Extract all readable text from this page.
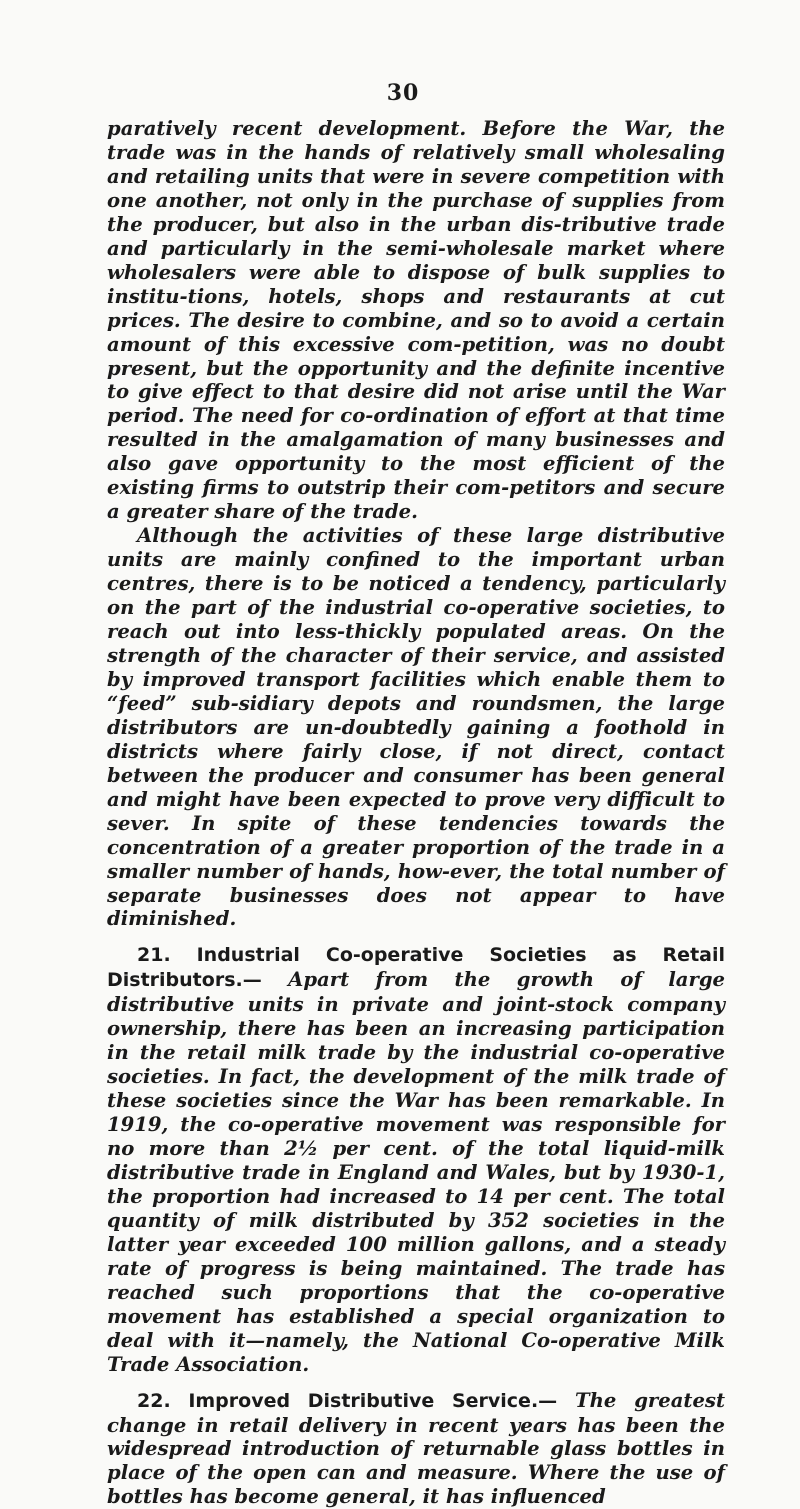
30

paratively recent development. Before the War, the trade was in the hands of relatively small wholesaling and retailing units that were in severe competition with one another, not only in the purchase of supplies from the producer, but also in the urban dis-tributive trade and particularly in the semi-wholesale market where wholesalers were able to dispose of bulk supplies to institu-tions, hotels, shops and restaurants at cut prices. The desire to combine, and so to avoid a certain amount of this excessive com-petition, was no doubt present, but the opportunity and the definite incentive to give effect to that desire did not arise until the War period. The need for co-ordination of effort at that time resulted in the amalgamation of many businesses and also gave opportunity to the most efficient of the existing firms to outstrip their com-petitors and secure a greater share of the trade.

Although the activities of these large distributive units are mainly confined to the important urban centres, there is to be noticed a tendency, particularly on the part of the industrial co-operative societies, to reach out into less-thickly populated areas. On the strength of the character of their service, and assisted by improved transport facilities which enable them to “feed” sub-sidiary depots and roundsmen, the large distributors are un-doubtedly gaining a foothold in districts where fairly close, if not direct, contact between the producer and consumer has been general and might have been expected to prove very difficult to sever. In spite of these tendencies towards the concentration of a greater proportion of the trade in a smaller number of hands, how-ever, the total number of separate businesses does not appear to have diminished.

21. Industrial Co-operative Societies as Retail Distributors.— Apart from the growth of large distributive units in private and joint-stock company ownership, there has been an increasing participation in the retail milk trade by the industrial co-operative societies. In fact, the development of the milk trade of these societies since the War has been remarkable. In 1919, the co-operative movement was responsible for no more than 2½ per cent. of the total liquid-milk distributive trade in England and Wales, but by 1930-1, the proportion had increased to 14 per cent. The total quantity of milk distributed by 352 societies in the latter year exceeded 100 million gallons, and a steady rate of progress is being maintained. The trade has reached such proportions that the co-operative movement has established a special organization to deal with it—namely, the National Co-operative Milk Trade Association.

22. Improved Distributive Service.— The greatest change in retail delivery in recent years has been the widespread introduction of returnable glass bottles in place of the open can and measure. Where the use of bottles has become general, it has influenced
